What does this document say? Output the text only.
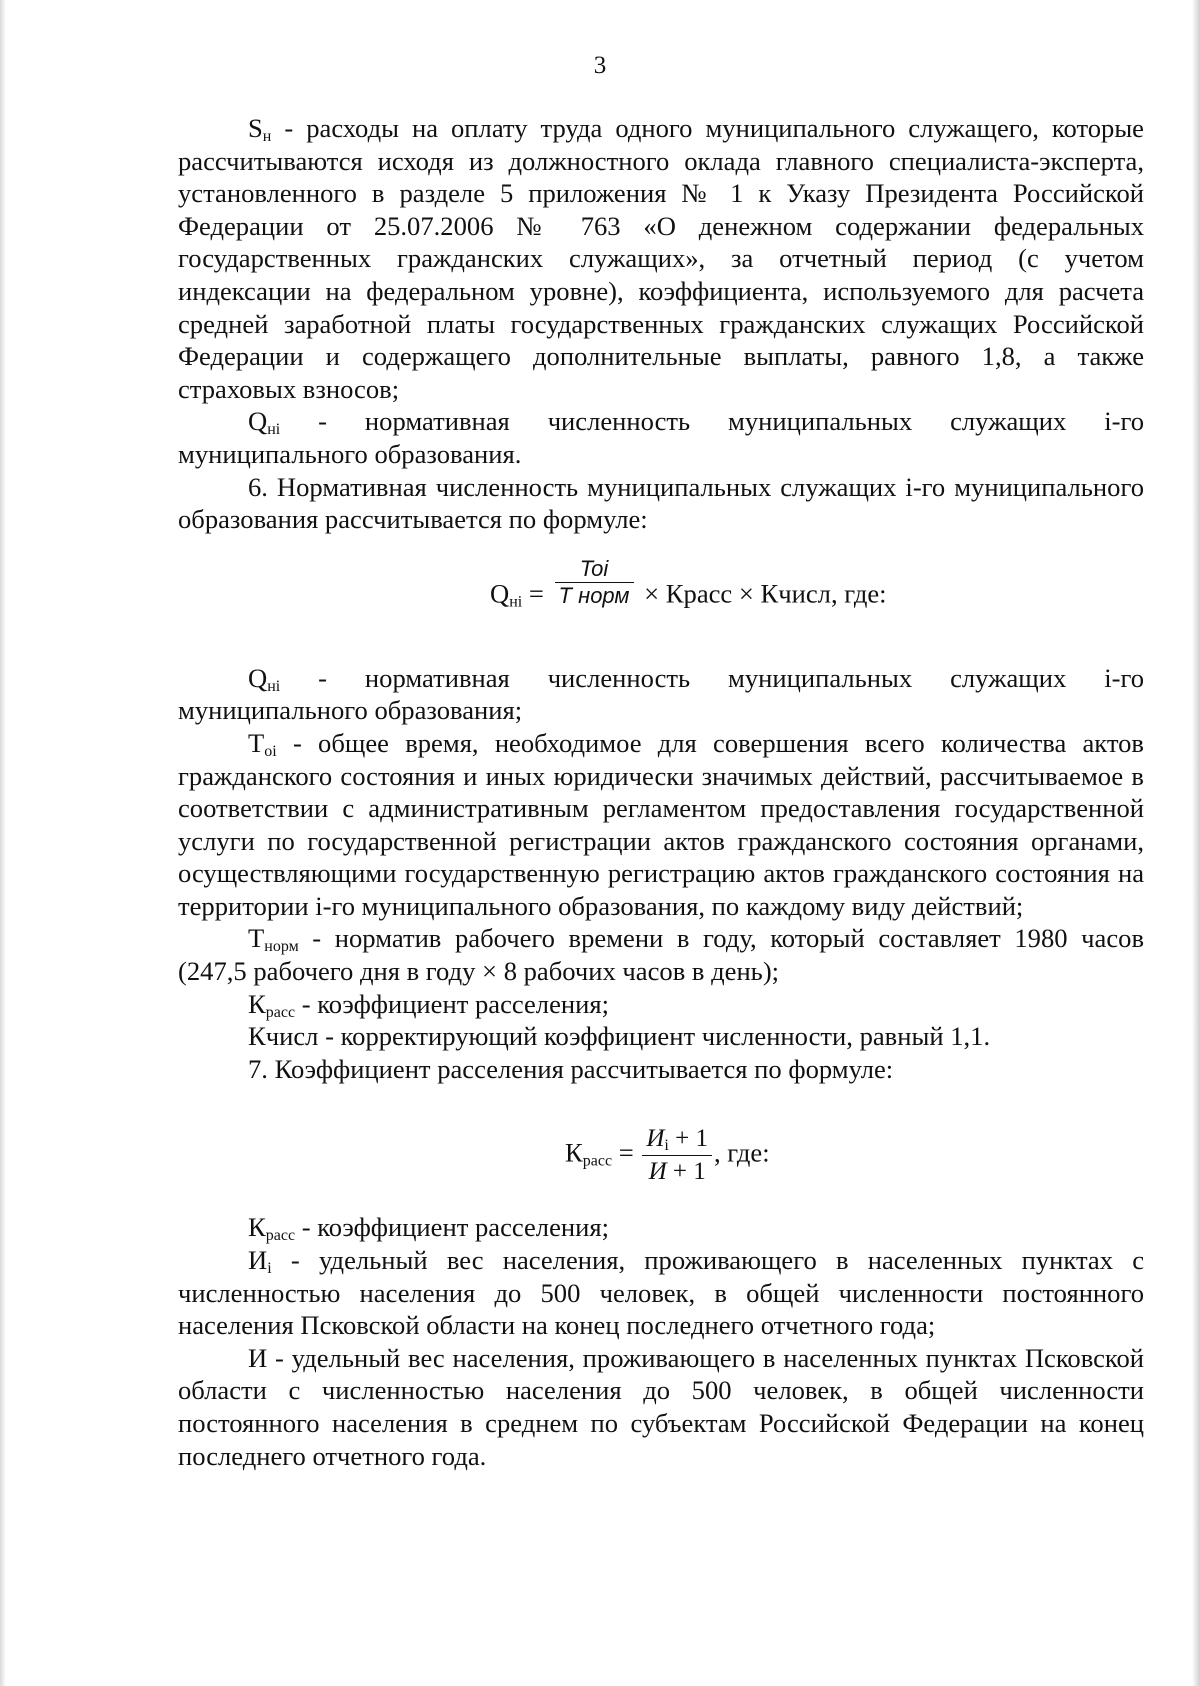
3

$S_н$ - расходы на оплату труда одного муниципального служащего, которые рассчитываются исходя из должностного оклада главного специалиста-эксперта, установленного в разделе 5 приложения № 1 к Указу Президента Российской Федерации от 25.07.2006 № 763 «О денежном содержании федеральных государственных гражданских служащих», за отчетный период (с учетом индексации на федеральном уровне), коэффициента, используемого для расчета средней заработной платы государственных гражданских служащих Российской Федерации и содержащего дополнительные выплаты, равного 1,8, а также страховых взносов;

$Q_{нi}$ - нормативная численность муниципальных служащих i-го муниципального образования.

6. Нормативная численность муниципальных служащих i-го муниципального образования рассчитывается по формуле:

$Q_{нi} = \frac{\text{Toi}}{\text{T норм}}$ × Красс × Кчисл, где:

$Q_{нi}$ - нормативная численность муниципальных служащих i-го муниципального образования;

$T_{oi}$ - общее время, необходимое для совершения всего количества актов гражданского состояния и иных юридически значимых действий, рассчитываемое в соответствии с административным регламентом предоставления государственной услуги по государственной регистрации актов гражданского состояния органами, осуществляющими государственную регистрацию актов гражданского состояния на территории i-го муниципального образования, по каждому виду действий;

$T_{норм}$ - норматив рабочего времени в году, который составляет 1980 часов (247,5 рабочего дня в году × 8 рабочих часов в день);

$К_{расс}$ - коэффициент расселения;

Кчисл - корректирующий коэффициент численности, равный 1,1.

7. Коэффициент расселения рассчитывается по формуле:

$К_{расс} = \frac{И_i + 1}{И + 1}$ , где:

$К_{расс}$ - коэффициент расселения;

$И_i$ - удельный вес населения, проживающего в населенных пунктах с численностью населения до 500 человек, в общей численности постоянного населения Псковской области на конец последнего отчетного года;

И - удельный вес населения, проживающего в населенных пунктах Псковской области с численностью населения до 500 человек, в общей численности постоянного населения в среднем по субъектам Российской Федерации на конец последнего отчетного года.
